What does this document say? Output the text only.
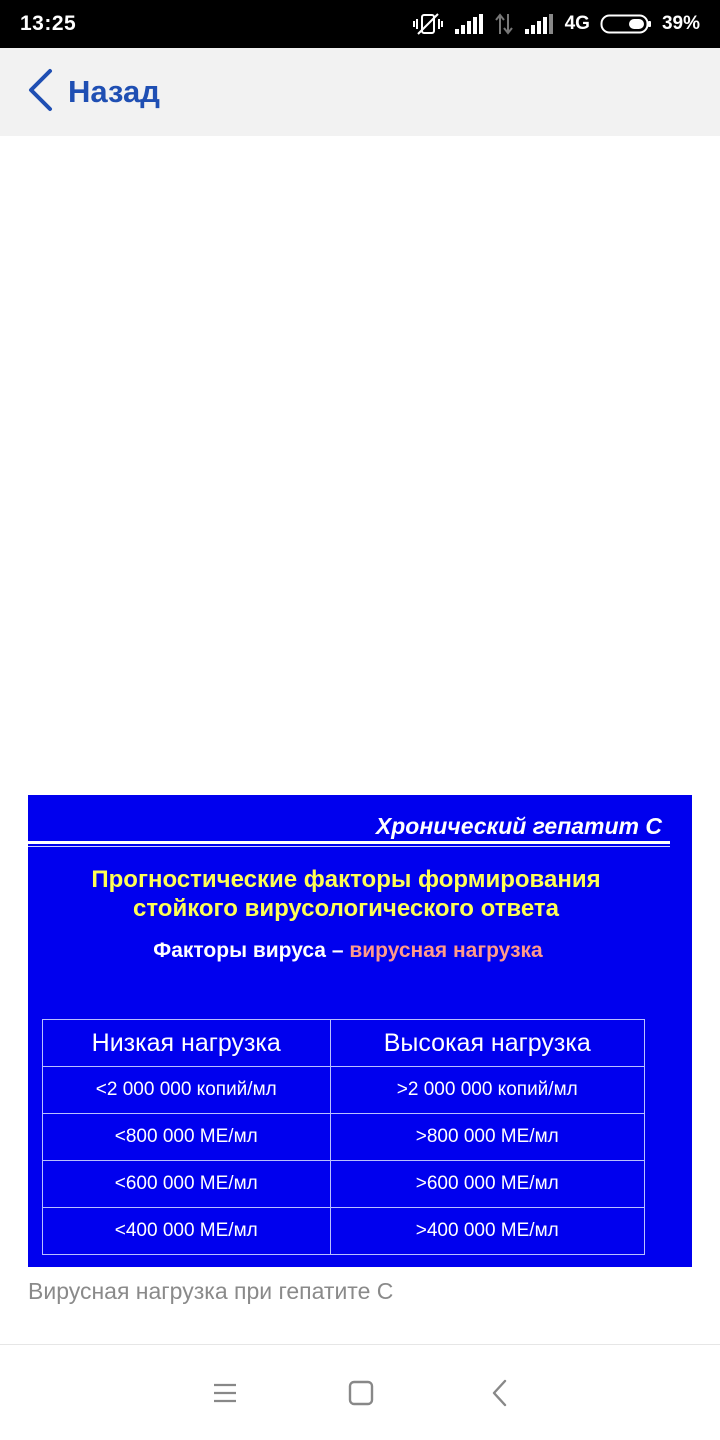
13:25	4G	39%
Назад
Хронический гепатит С
Прогностические факторы формирования
стойкого вирусологического ответа
Факторы вируса – вирусная нагрузка
Низкая нагрузка	Высокая нагрузка
<2 000 000 копий/мл	>2 000 000 копий/мл
<800 000 МЕ/мл	>800 000 МЕ/мл
<600 000 МЕ/мл	>600 000 МЕ/мл
<400 000 МЕ/мл	>400 000 МЕ/мл
Вирусная нагрузка при гепатите С
